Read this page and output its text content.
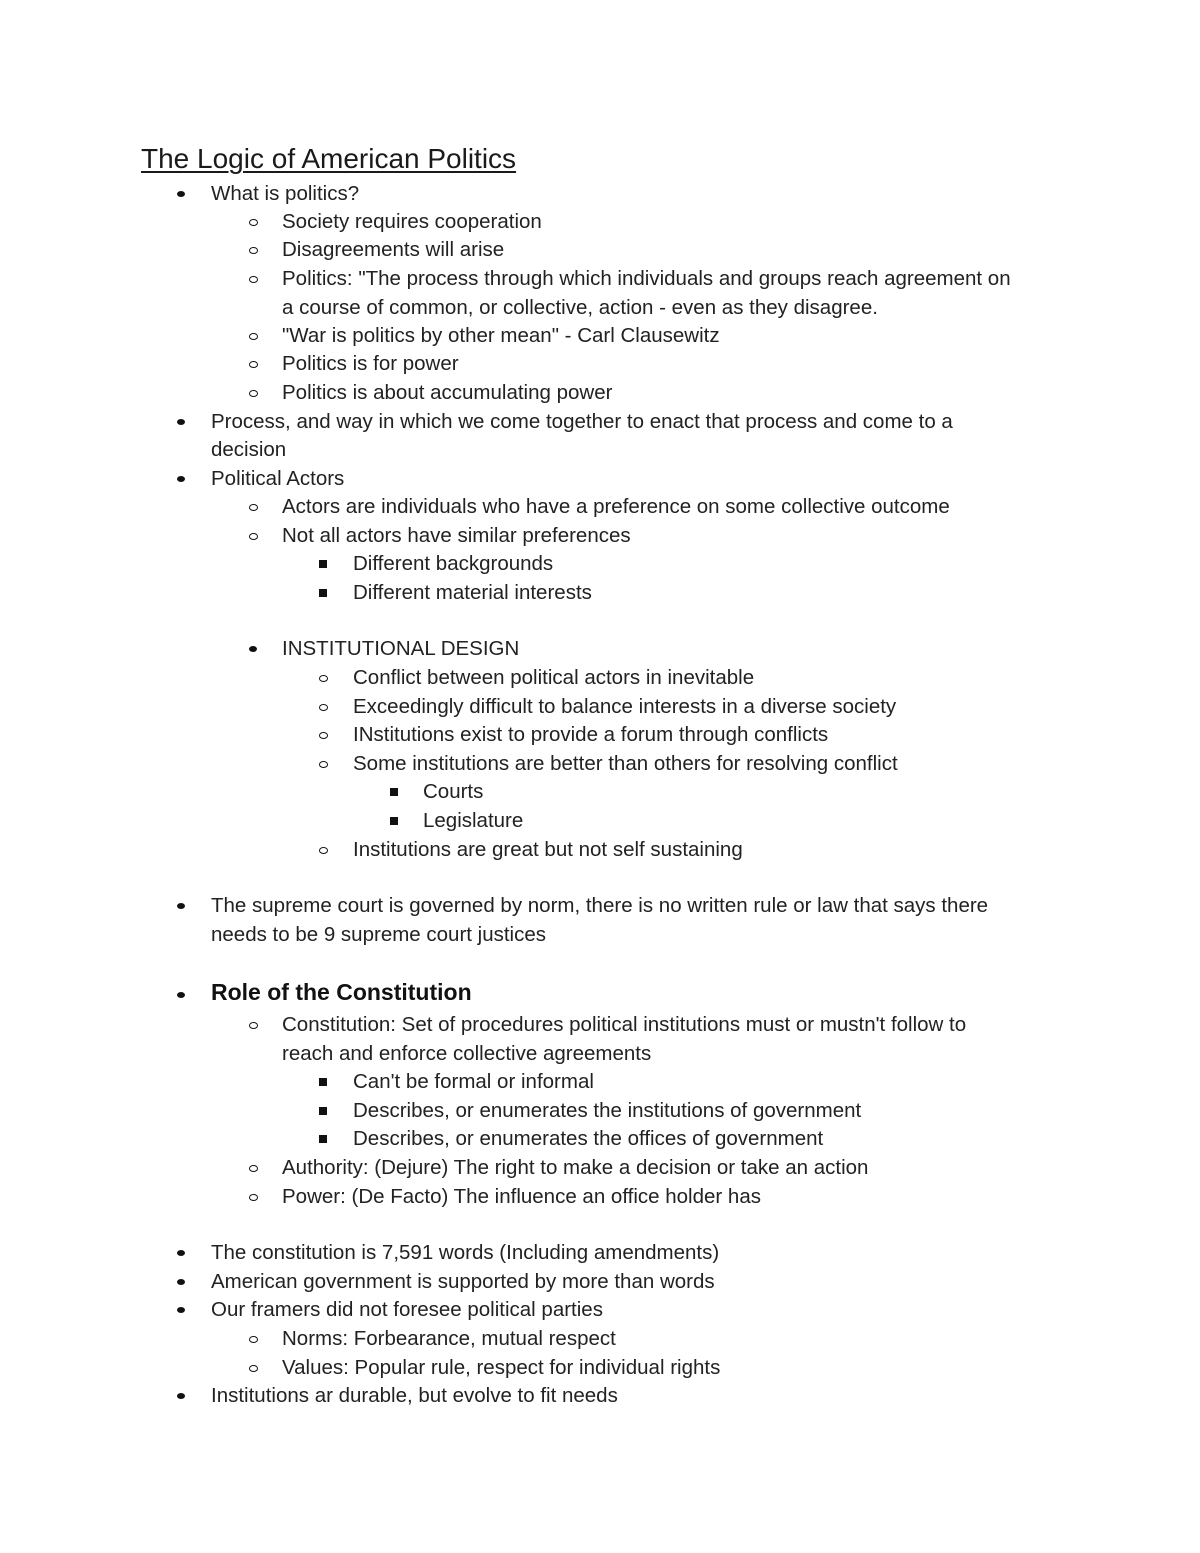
The Logic of American Politics
What is politics?
Society requires cooperation
Disagreements will arise
Politics: "The process through which individuals and groups reach agreement on
a course of common, or collective, action - even as they disagree.
"War is politics by other mean" - Carl Clausewitz
Politics is for power
Politics is about accumulating power
Process, and way in which we come together to enact that process and come to a
decision
Political Actors
Actors are individuals who have a preference on some collective outcome
Not all actors have similar preferences
Different backgrounds
Different material interests
INSTITUTIONAL DESIGN
Conflict between political actors in inevitable
Exceedingly difficult to balance interests in a diverse society
INstitutions exist to provide a forum through conflicts
Some institutions are better than others for resolving conflict
Courts
Legislature
Institutions are great but not self sustaining
The supreme court is governed by norm, there is no written rule or law that says there
needs to be 9 supreme court justices
Role of the Constitution
Constitution: Set of procedures political institutions must or mustn't follow to
reach and enforce collective agreements
Can't be formal or informal
Describes, or enumerates the institutions of government
Describes, or enumerates the offices of government
Authority: (Dejure) The right to make a decision or take an action
Power: (De Facto) The influence an office holder has
The constitution is 7,591 words (Including amendments)
American government is supported by more than words
Our framers did not foresee political parties
Norms: Forbearance, mutual respect
Values: Popular rule, respect for individual rights
Institutions ar durable, but evolve to fit needs
